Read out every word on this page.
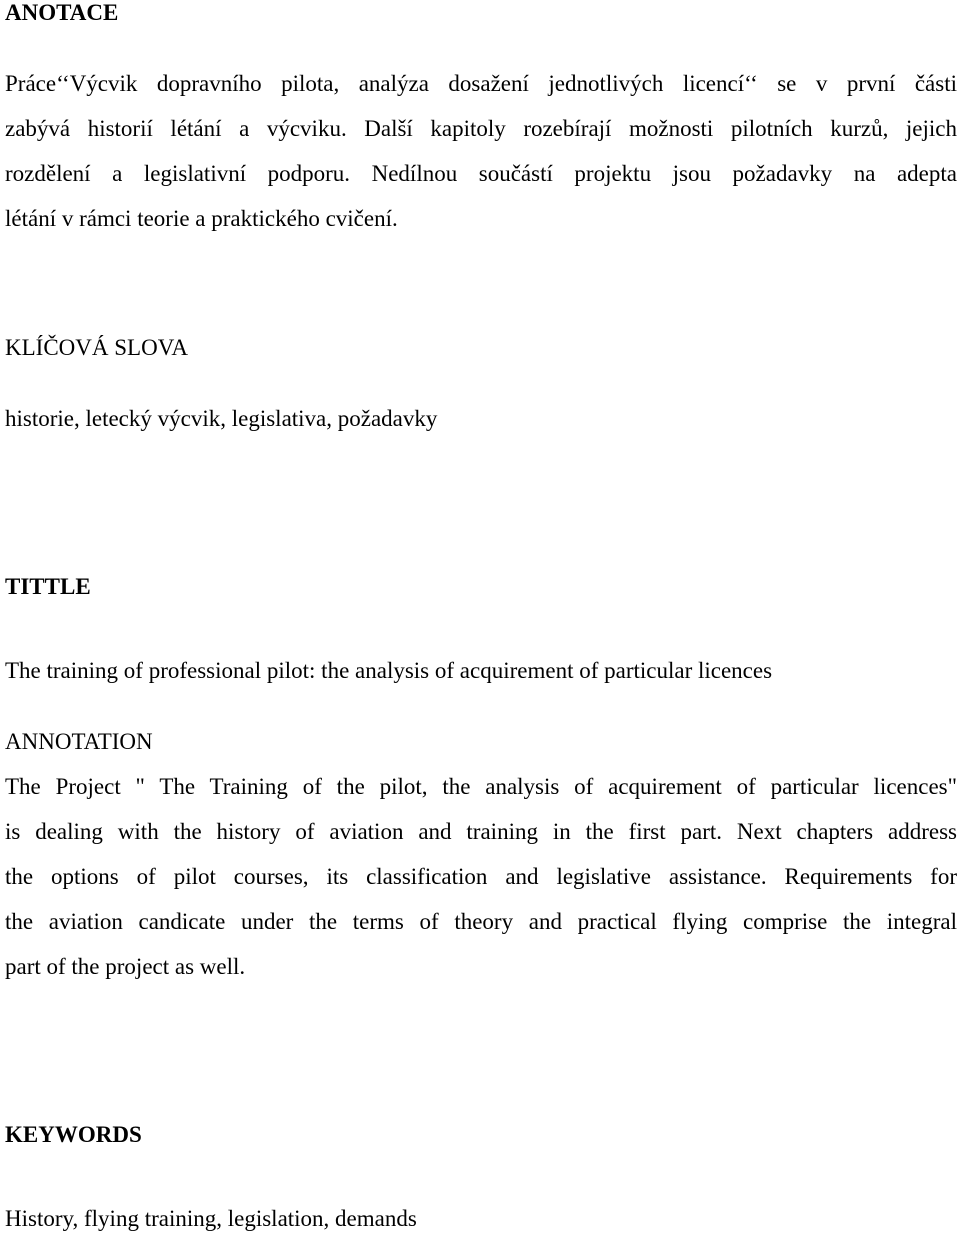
ANOTACE
Práce‘‘Výcvik dopravního pilota, analýza dosažení jednotlivých licencí‘‘ se v první části
zabývá historií létání a výcviku. Další kapitoly rozebírají možnosti pilotních kurzů, jejich
rozdělení a legislativní podporu. Nedílnou součástí projektu jsou požadavky na adepta
létání v rámci teorie a praktického cvičení.
KLÍČOVÁ SLOVA
historie, letecký výcvik, legislativa, požadavky
TITTLE
The training of professional pilot: the analysis of acquirement of particular licences
ANNOTATION
The Project " The Training of the pilot, the analysis of acquirement of particular licences"
is dealing with the history of aviation and training in the first part. Next chapters address
the options of pilot courses, its classification and legislative assistance. Requirements for
the aviation candicate under the terms of theory and practical flying comprise the integral
part of the project as well.
KEYWORDS
History, flying training, legislation, demands
